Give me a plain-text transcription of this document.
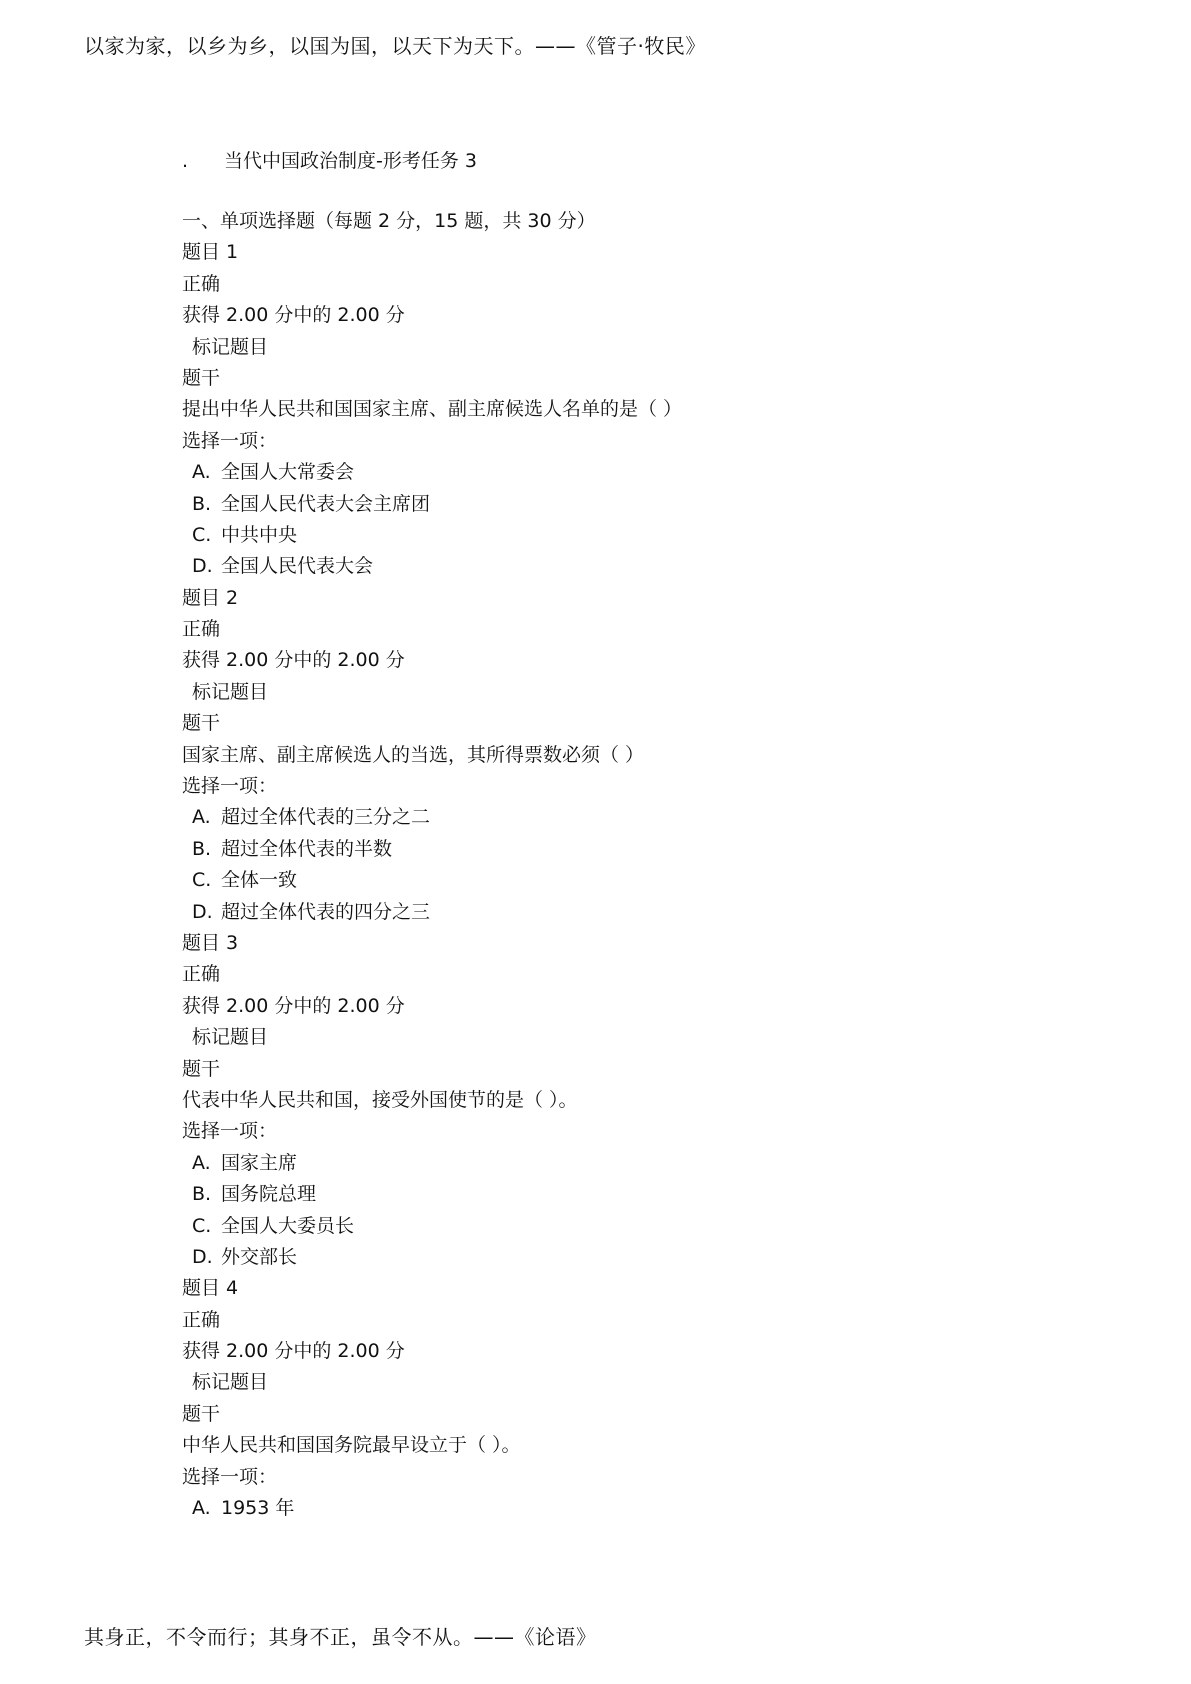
以家为家，以乡为乡，以国为国，以天下为天下。——《管子·牧民》
. 当代中国政治制度-形考任务 3
一、单项选择题（每题 2 分，15 题，共 30 分）
题目 1
正确
获得 2.00 分中的 2.00 分
标记题目
题干
提出中华人民共和国国家主席、副主席候选人名单的是（ ）
选择一项：
A. 全国人大常委会
B. 全国人民代表大会主席团
C. 中共中央
D. 全国人民代表大会
题目 2
正确
获得 2.00 分中的 2.00 分
标记题目
题干
国家主席、副主席候选人的当选，其所得票数必须（ ）
选择一项：
A. 超过全体代表的三分之二
B. 超过全体代表的半数
C. 全体一致
D. 超过全体代表的四分之三
题目 3
正确
获得 2.00 分中的 2.00 分
标记题目
题干
代表中华人民共和国，接受外国使节的是（ ）。
选择一项：
A. 国家主席
B. 国务院总理
C. 全国人大委员长
D. 外交部长
题目 4
正确
获得 2.00 分中的 2.00 分
标记题目
题干
中华人民共和国国务院最早设立于（ ）。
选择一项：
A. 1953 年
其身正，不令而行；其身不正，虽令不从。——《论语》
